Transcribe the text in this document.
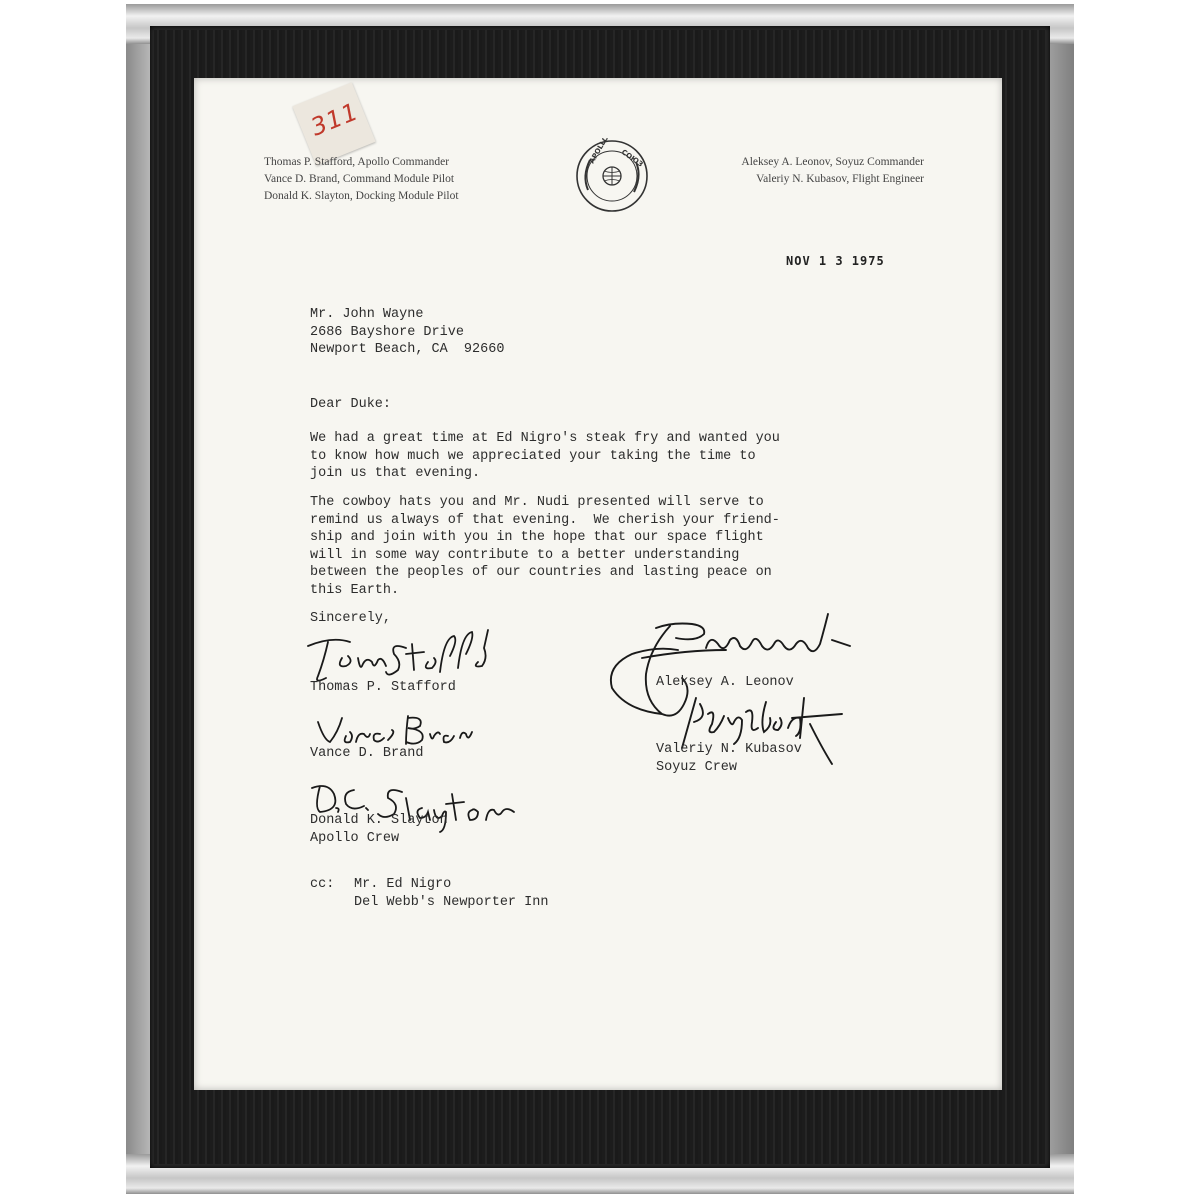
311
Thomas P. Stafford, Apollo Commander
Vance D. Brand, Command Module Pilot
Donald K. Slayton, Docking Module Pilot
APOLLO СОЮЗ	Aleksey A. Leonov, Soyuz Commander
Valeriy N. Kubasov, Flight Engineer
NOV 1 3 1975
Mr. John Wayne
2686 Bayshore Drive
Newport Beach, CA  92660
Dear Duke:
We had a great time at Ed Nigro's steak fry and wanted you
to know how much we appreciated your taking the time to
join us that evening.
The cowboy hats you and Mr. Nudi presented will serve to
remind us always of that evening.  We cherish your friend-
ship and join with you in the hope that our space flight
will in some way contribute to a better understanding
between the peoples of our countries and lasting peace on
this Earth.
Sincerely,
Thomas P. Stafford
Vance D. Brand
Donald K. Slayton
Apollo Crew
Aleksey A. Leonov
Valeriy N. Kubasov
Soyuz Crew
cc: Mr. Ed Nigro
Del Webb's Newporter Inn
